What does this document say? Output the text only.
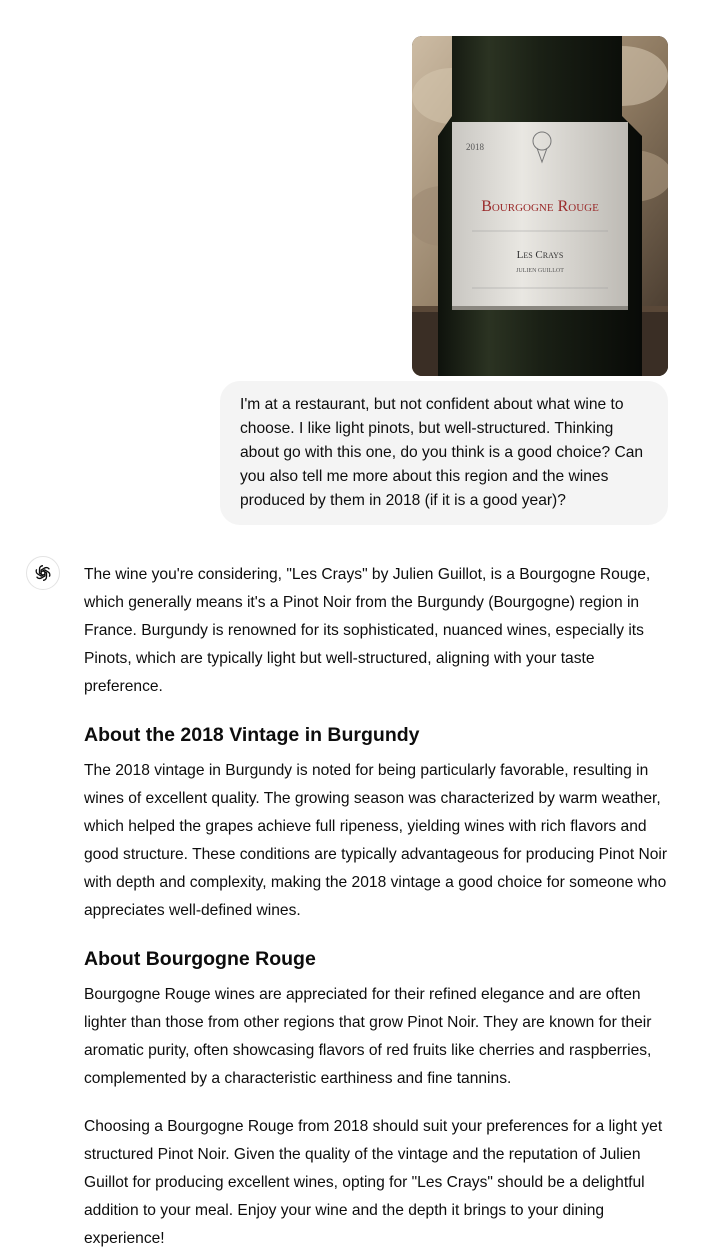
2018
Bourgogne Rouge
Les Crays
JULIEN GUILLOT
I'm at a restaurant, but not confident about what wine to choose. I like light pinots, but well-structured. Thinking about go with this one, do you think is a good choice? Can you also tell me more about this region and the wines produced by them in 2018 (if it is a good year)?

The wine you're considering, "Les Crays" by Julien Guillot, is a Bourgogne Rouge, which generally means it's a Pinot Noir from the Burgundy (Bourgogne) region in France. Burgundy is renowned for its sophisticated, nuanced wines, especially its Pinots, which are typically light but well-structured, aligning with your taste preference.

About the 2018 Vintage in Burgundy

The 2018 vintage in Burgundy is noted for being particularly favorable, resulting in wines of excellent quality. The growing season was characterized by warm weather, which helped the grapes achieve full ripeness, yielding wines with rich flavors and good structure. These conditions are typically advantageous for producing Pinot Noir with depth and complexity, making the 2018 vintage a good choice for someone who appreciates well-defined wines.

About Bourgogne Rouge

Bourgogne Rouge wines are appreciated for their refined elegance and are often lighter than those from other regions that grow Pinot Noir. They are known for their aromatic purity, often showcasing flavors of red fruits like cherries and raspberries, complemented by a characteristic earthiness and fine tannins.

Choosing a Bourgogne Rouge from 2018 should suit your preferences for a light yet structured Pinot Noir. Given the quality of the vintage and the reputation of Julien Guillot for producing excellent wines, opting for "Les Crays" should be a delightful addition to your meal. Enjoy your wine and the depth it brings to your dining experience!
